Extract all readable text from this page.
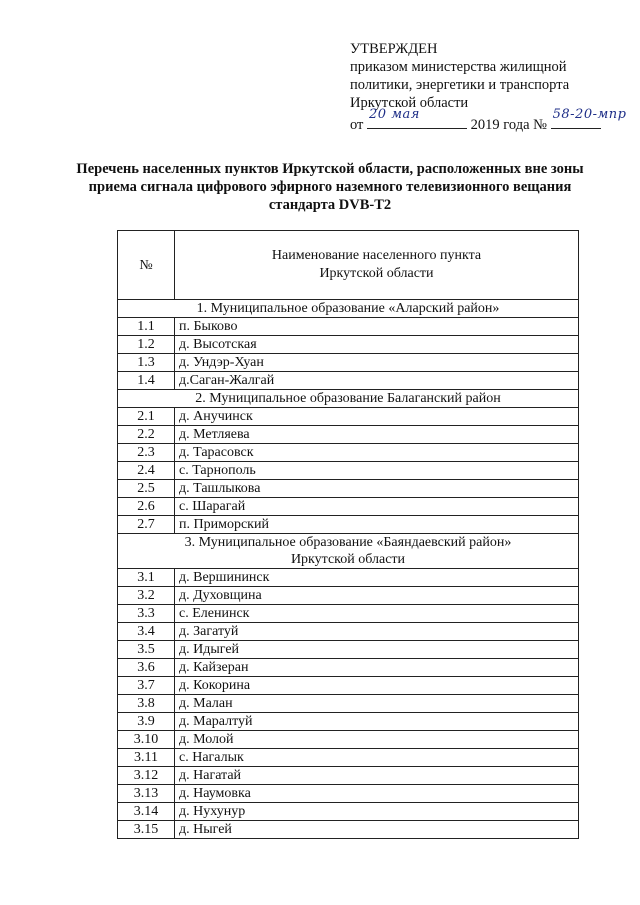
УТВЕРЖДЕН
приказом министерства жилищной
политики, энергетики и транспорта
Иркутской области
от
20 мая
2019 года №
58-20-мпр
Перечень населенных пунктов Иркутской области, расположенных вне зоны приема сигнала цифрового эфирного наземного телевизионного вещания стандарта DVB-T2
№	Наименование населенного пункта
Иркутской области

1. Муниципальное образование «Аларский район»	

1.1	п. Быково
1.2	д. Высотская
1.3	д. Ундэр-Хуан
1.4	д.Саган-Жалгай

2. Муниципальное образование Балаганский район	

2.1	д. Анучинск
2.2	д. Метляева
2.3	д. Тарасовск
2.4	с. Тарнополь
2.5	д. Ташлыкова
2.6	с. Шарагай
2.7	п. Приморский

3. Муниципальное образование «Баяндаевский район»
Иркутской области	

3.1	д. Вершининск
3.2	д. Духовщина
3.3	с. Еленинск
3.4	д. Загатуй
3.5	д. Идыгей
3.6	д. Кайзеран
3.7	д. Кокорина
3.8	д. Малан
3.9	д. Маралтуй
3.10	д. Молой
3.11	с. Нагалык
3.12	д. Нагатай
3.13	д. Наумовка
3.14	д. Нухунур
3.15	д. Ныгей
